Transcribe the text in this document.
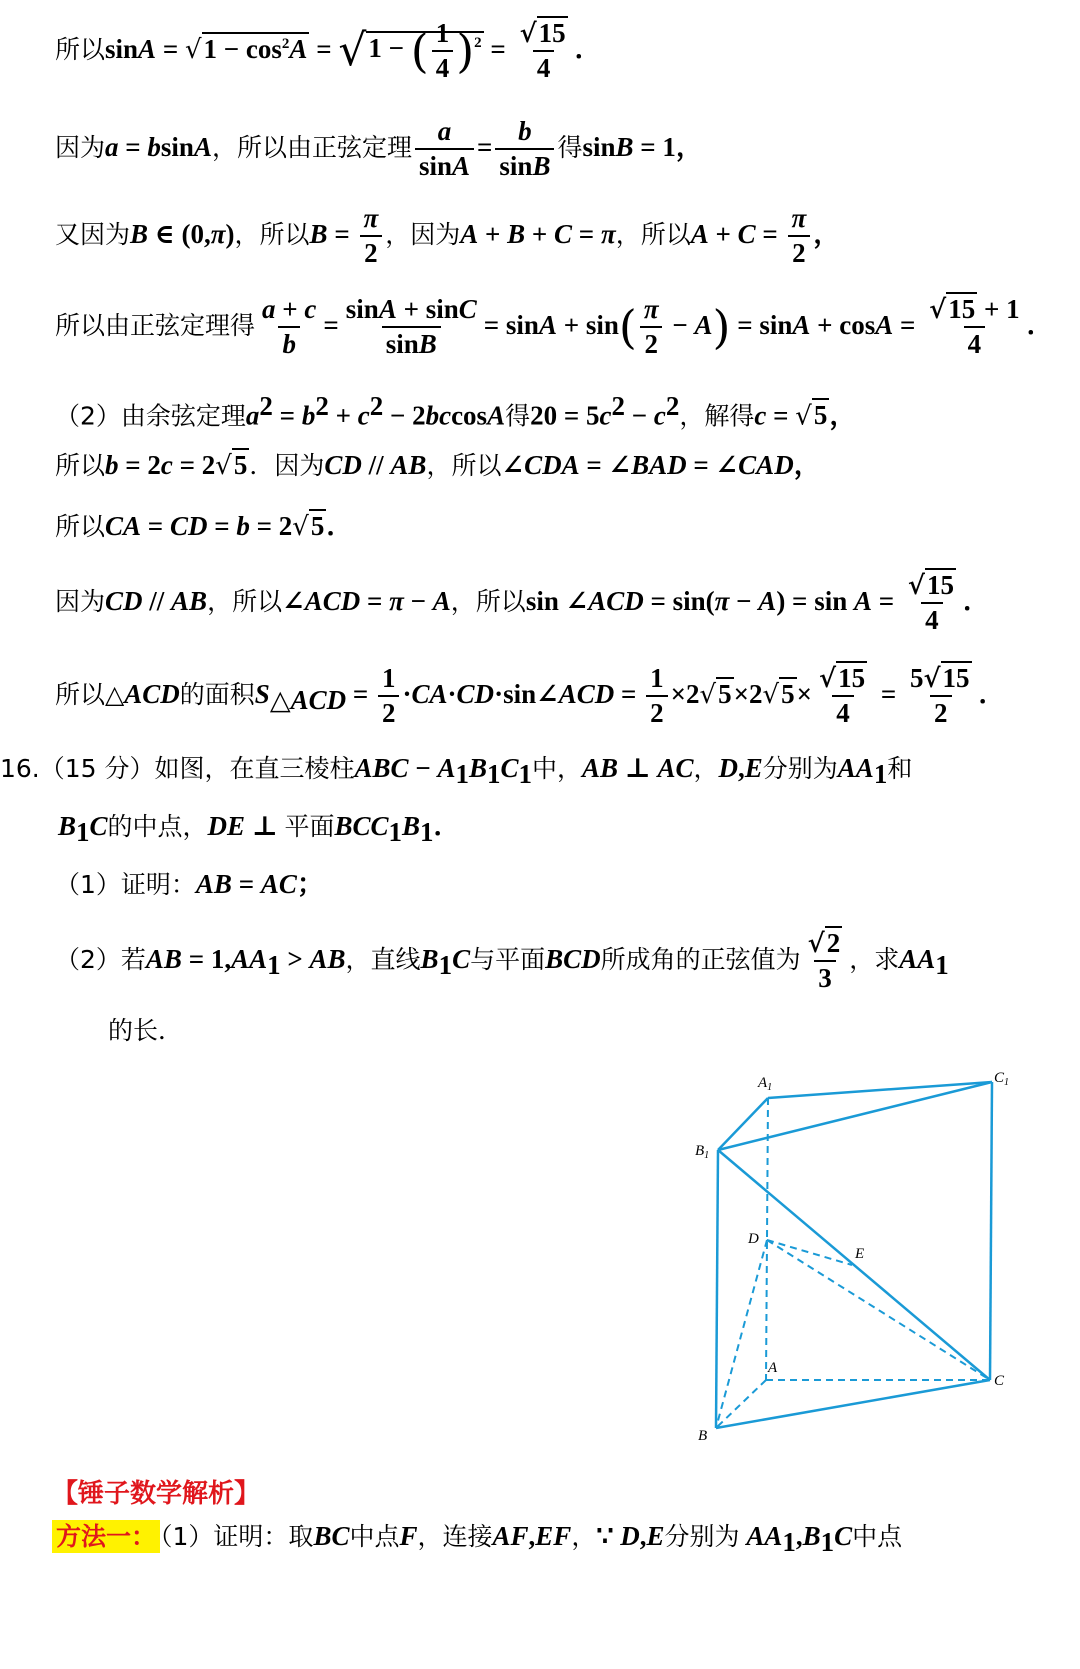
所以$\sin A = √1 - \cos^2A = √1$ − ( $\frac{1}{4} )^2 = \frac{√15}{4}$ ．
因为a = bsinA，所以由正弦定理 $\frac{a}{\sin A} = \frac{b}{\sin B}$ 得sinB = 1，
又因为B ∈ (0,π)，所以$B = \frac{\pi}{2}$ ，因为A + B + C = π，所以$A + C = \frac{\pi}{2}$ ，
所以由正弦定理得 $\frac{a + c}{b} = \frac{\sin A + \sin C}{\sin B} = \sin A + \sin( \frac{\pi}{2} - A) = \sin A + \cos A = \frac{√15 + 1}{4}$ ．
（2）由余弦定理$a^2 = b^2 + c^2 - 2bccosA$得$20 = 5c^2 - c^2$，解得c = √5，
所以b = 2c = 2√5．因为CD // AB，所以∠CDA = ∠BAD = ∠CAD，
所以CA = CD = b = 2√5．
因为CD // AB，所以∠ACD = π − A，所以sin ∠ACD = $\sin(\pi - A) = \sin A = \frac{√15}{4}$ ．
所以△ACD的面积$S_{\triangle ACD} = \frac{1}{2}$ ·CA·CD·sin∠ACD = $\frac{1}{2} \times 2√5\times 2√5\times \frac{√15}{4} = \frac{5√15}{2}$ ．
16.（15 分）如图，在直三棱柱ABC − $A_1B_1C_1$中，AB ⊥ AC，D,E分别为$AA_1$和
$B_1C$的中点，DE ⊥ 平面$BCC_1B_1$．
（1）证明：AB = AC；
（2）若AB = $1,AA_1$ > AB，直线$B_1C$与平面BCD所成角的正弦值为 $\frac{√2}{3}$ ，求$AA_1$
的长．
$A_1$
$C_1$
$B_1$
D
E
A
C
B
【锤子数学解析】
方法一： （1）证明：取BC中点F，连接AF,EF，∵ D,E分别为 $AA_1,B_1C$中点
